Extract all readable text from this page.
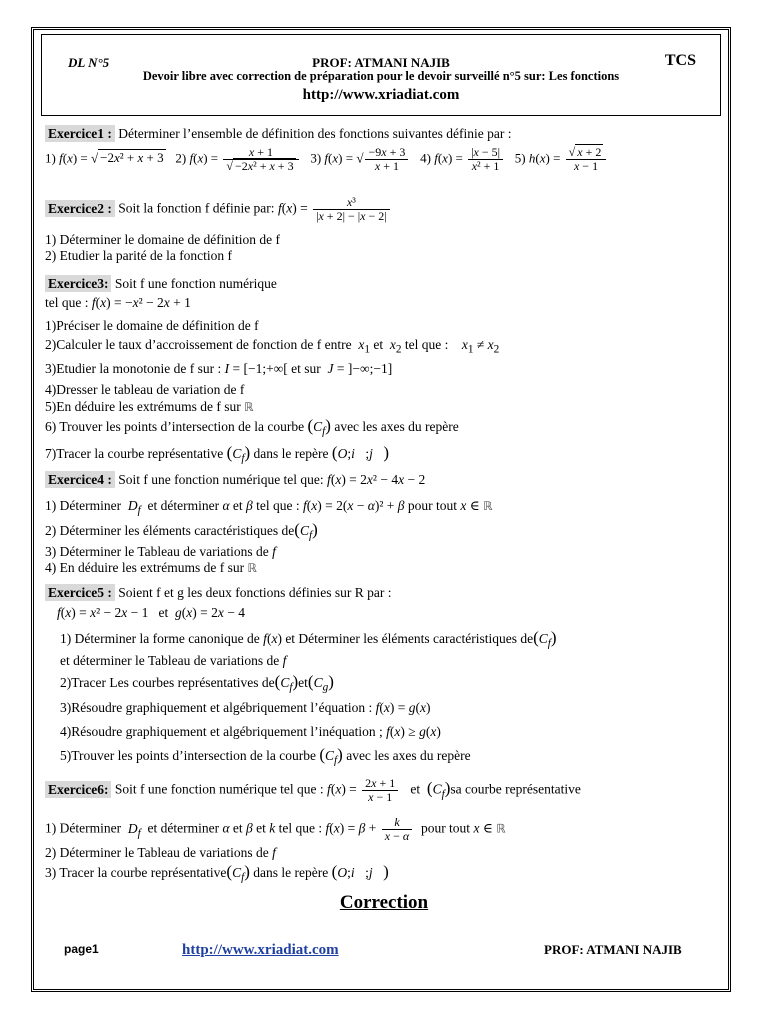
DL N°5	PROF: ATMANI NAJIB	TCS
Devoir libre avec correction de préparation pour le devoir surveillé n°5 sur: Les fonctions
http://www.xriadiat.com
Exercice1 : Déterminer l’ensemble de définition des fonctions suivantes définie par :
1) f(x) = √ −2x² + x + 3   2) $f(x) = \frac{x + 1}{\text{√ −2x² + x + 3}} 3$) f(x) = √ $\frac{-9x + 3}{x + 1} 4$) $f(x) = \frac{|x - 5|}{\text{x² + 1}} 5$) $h(x) = \frac{√ x + 2}{x - 1}$
Exercice2 : Soit la fonction f définie par: $f(x) = \frac{\text{x³}}{|x + 2| - |x - 2|}$
1) Déterminer le domaine de définition de f
2) Etudier la parité de la fonction f
Exercice3: Soit f une fonction numérique
tel que : f(x) = −x² − 2x + 1
1)Préciser le domaine de définition de f
2)Calculer le taux d’accroissement de fonction de f entre $x_1$ et  $x_2$ tel que :    $x_1 \ne x_2$
3)Etudier la monotonie de f sur : I = [−1;+∞[ et sur  J = ]−∞;−1]
4)Dresser le tableau de variation de f
5)En déduire les extrémums de f sur ℝ
6) Trouver les points d’intersection de la courbe $(C_f)$ avec les axes du repère
7)Tracer la courbe représentative $(C_f)$ dans le repère (O;i⃗;j⃗)
Exercice4 : Soit f une fonction numérique tel que: f(x) = 2x² − 4x − 2
1) Déterminer $D_f$ et déterminer α et β tel que : f(x) = 2(x − α)² + β pour tout x ∈ ℝ
2) Déterminer les éléments caractéristiques $de(C_f)$
3) Déterminer le Tableau de variations de f
4) En déduire les extrémums de f sur ℝ
Exercice5 : Soient f et g les deux fonctions définies sur R par :
f(x) = x² − 2x − 1   et  g(x) = 2x − 4
1) Déterminer la forme canonique de f(x) et Déterminer les éléments caractéristiques $de(C_f)$
et déterminer le Tableau de variations de f
2)Tracer Les courbes représentatives $de(C_f)et(C_g)$
3)Résoudre graphiquement et algébriquement l’équation : f(x) = g(x)
4)Résoudre graphiquement et algébriquement l’inéquation ; f(x) ≥ g(x)
5)Trouver les points d’intersection de la courbe $(C_f)$ avec les axes du repère
Exercice6: Soit f une fonction numérique tel que : $f(x) = \frac{2x + 1}{x - 1}$ et  $(C_f)sa$ courbe représentative
1) Déterminer $D_f$ et déterminer α et β et k tel que : $f(x) = \beta + \frac{k}{x - \alpha}$ pour tout x ∈ ℝ
2) Déterminer le Tableau de variations de f
3) Tracer la courbe $représentative(C_f)$ dans le repère (O;i⃗;j⃗)
Correction
page1	http://www.xriadiat.com	PROF: ATMANI NAJIB
